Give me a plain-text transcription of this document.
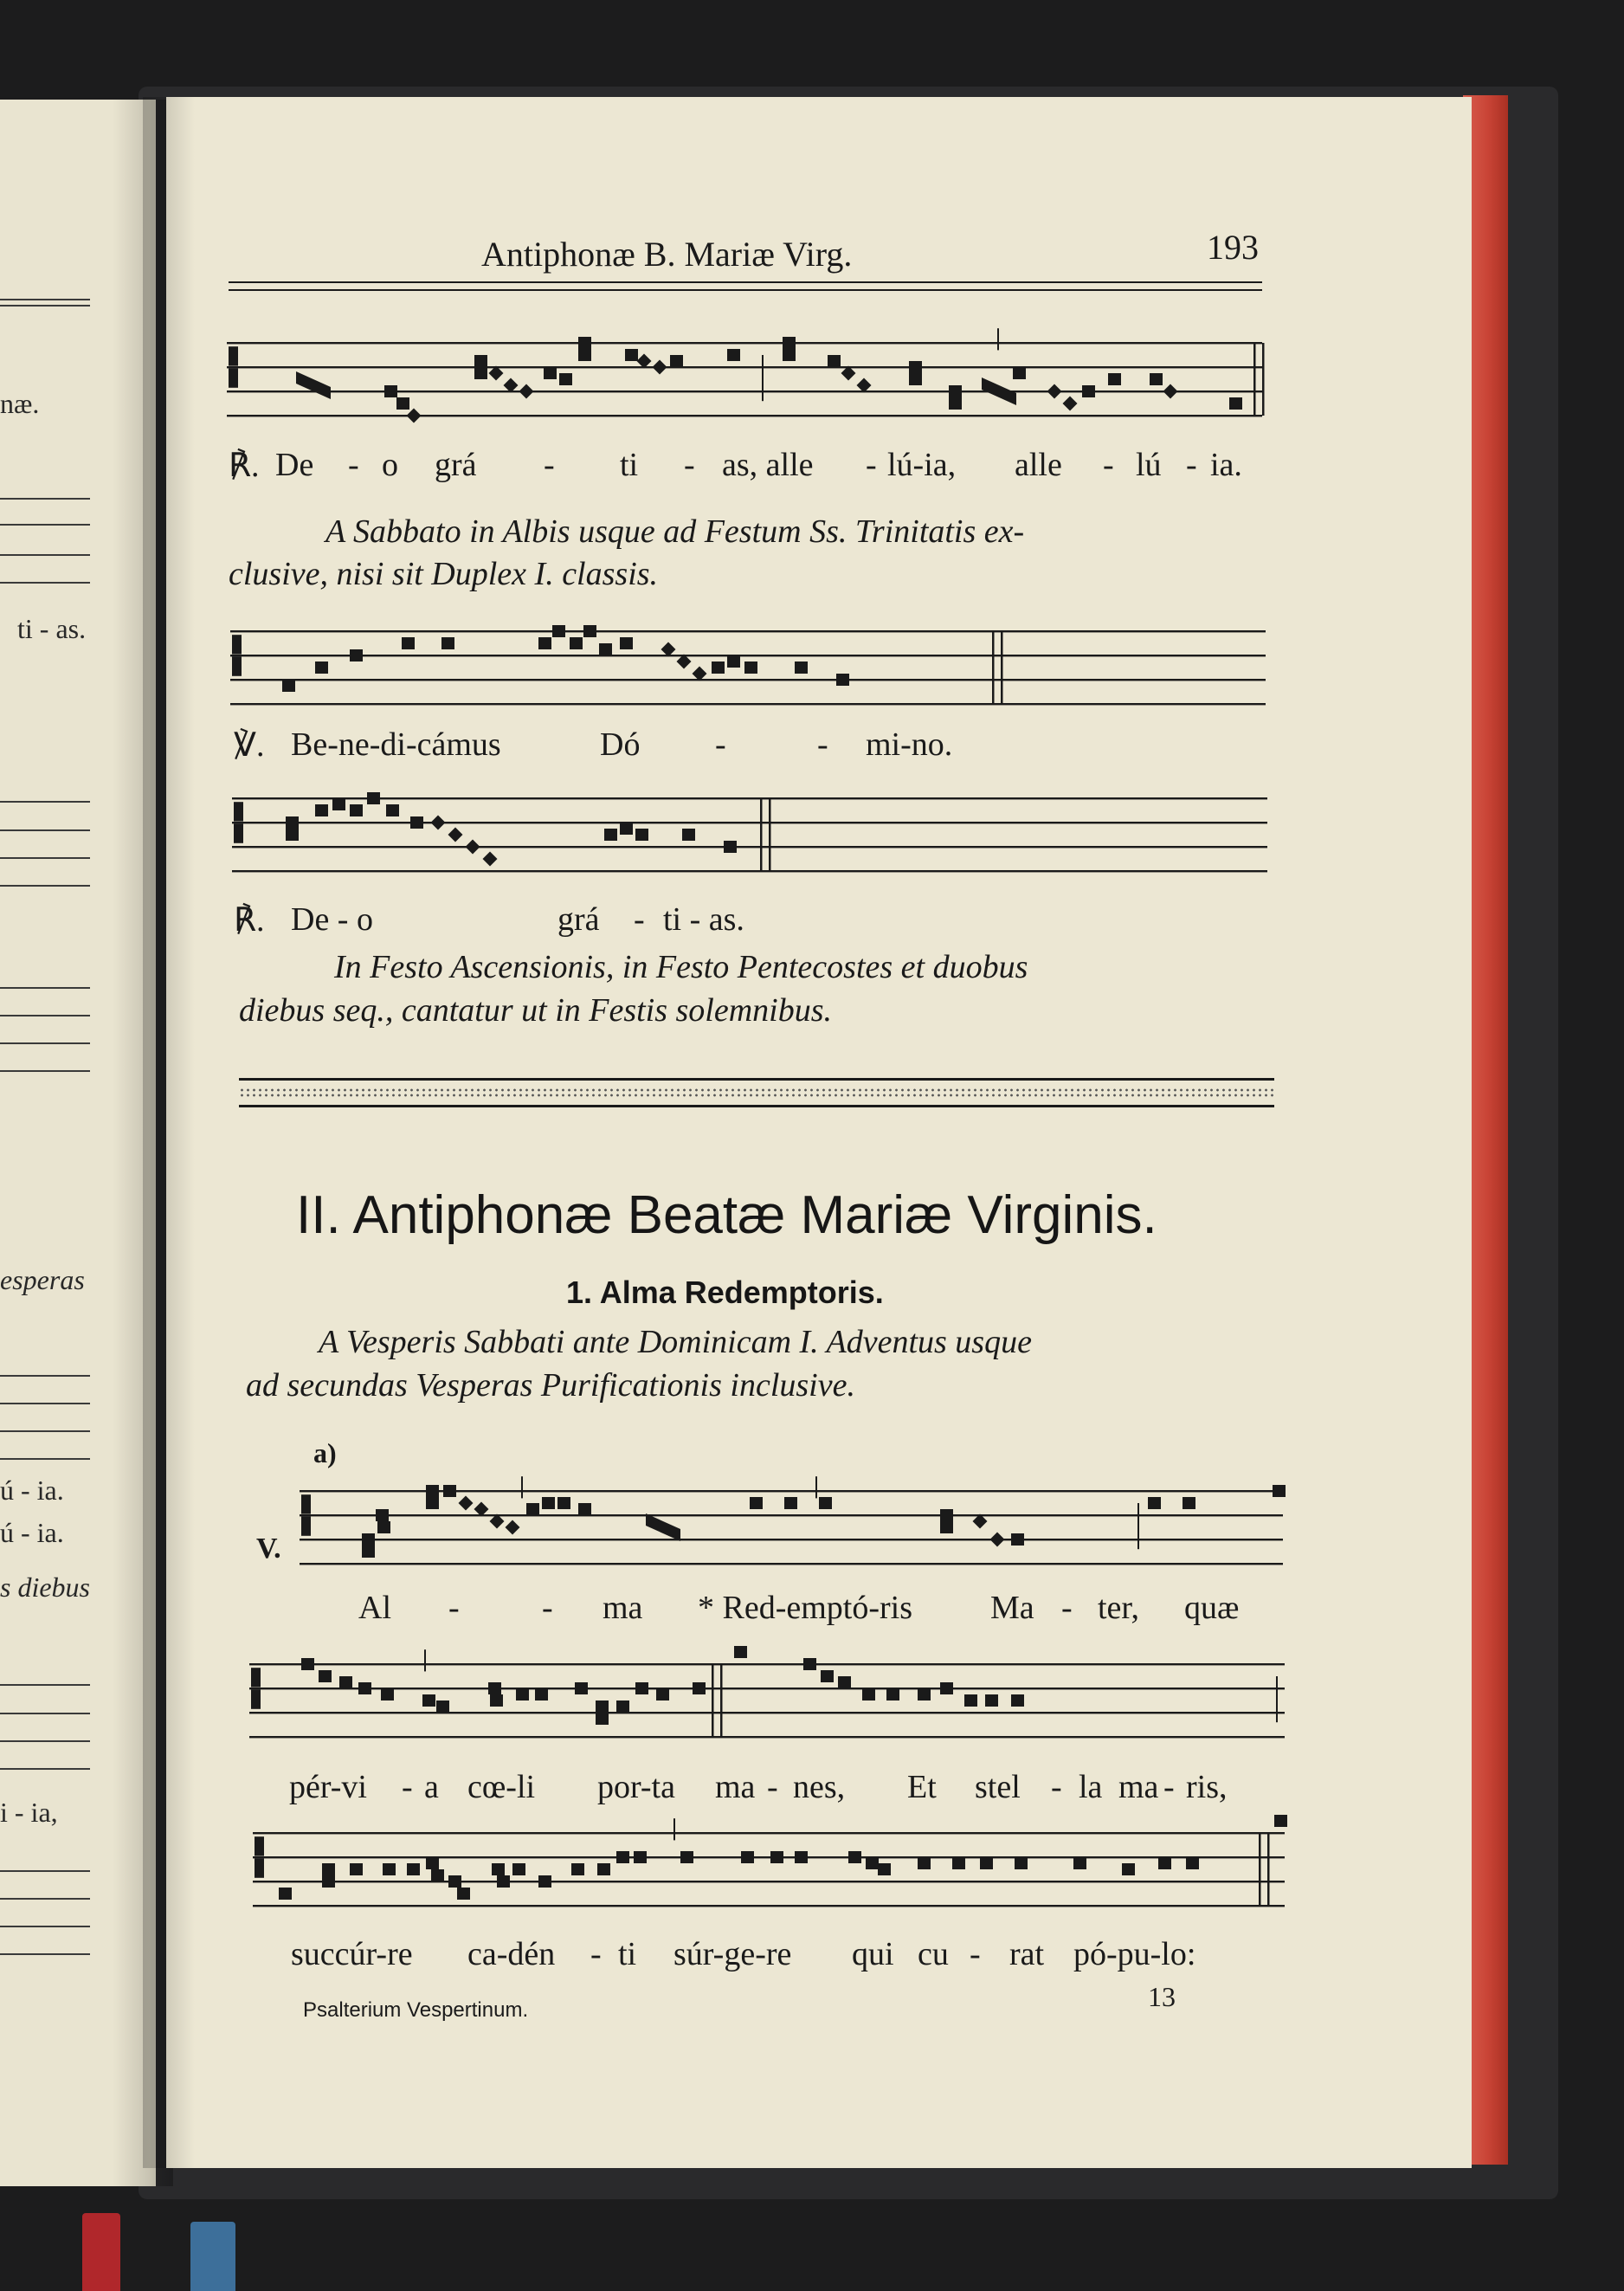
næ.
ti - as.
esperas
ú - ia.
ú - ia.
s diebus
i - ia,
Antiphonæ B. Mariæ Virg.	193
℟. De - o grá - ti - as, alle - lú-ia, alle - lú - ia.
A Sabbato in Albis usque ad Festum Ss. Trinitatis ex-
clusive, nisi sit Duplex I. classis.
℣. Be-ne-di-cámus	Dó -	- mi-no.
℟. De - o	grá - ti - as.
In Festo Ascensionis, in Festo Pentecostes et duobus
diebus seq., cantatur ut in Festis solemnibus.
II. Antiphonæ Beatæ Mariæ Virginis.
1. Alma Redemptoris.
A Vesperis Sabbati ante Dominicam I. Adventus usque
ad secundas Vesperas Purificationis inclusive.
a)
V.
Al -	- ma * Red-emptó-ris Ma - ter, quæ
pér-vi - a cœ-li por-ta ma - nes, Et stel - la ma - ris,
succúr-re ca-dén - ti súr-ge-re qui cu - rat pó-pu-lo:
Psalterium Vespertinum.	13
